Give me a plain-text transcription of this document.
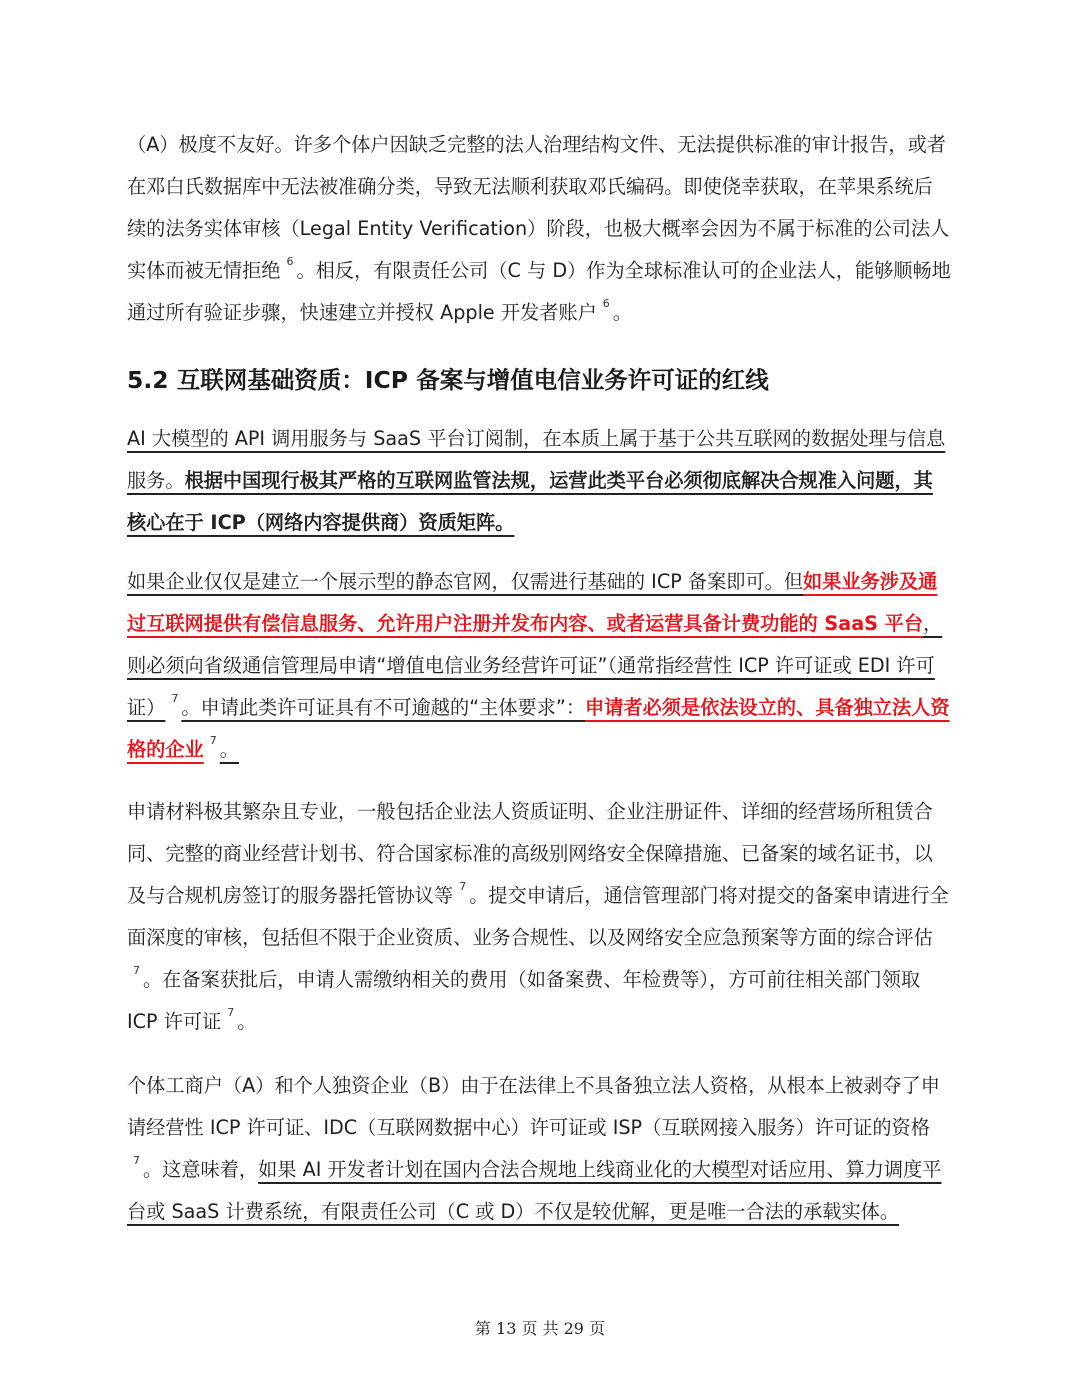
（A）极度不友好。许多个体户因缺乏完整的法人治理结构文件、无法提供标准的审计报告，或者在邓白氏数据库中无法被准确分类，导致无法顺利获取邓氏编码。即使侥幸获取，在苹果系统后续的法务实体审核（Legal Entity Verification）阶段，也极大概率会因为不属于标准的公司法人实体而被无情拒绝 $^6$ 。相反，有限责任公司（C 与 D）作为全球标准认可的企业法人，能够顺畅地通过所有验证步骤，快速建立并授权 Apple 开发者账户 $^6$ 。

5.2 互联网基础资质：ICP 备案与增值电信业务许可证的红线

AI 大模型的 API 调用服务与 SaaS 平台订阅制，在本质上属于基于公共互联网的数据处理与信息服务。根据中国现行极其严格的互联网监管法规，运营此类平台必须彻底解决合规准入问题，其核心在于 ICP（网络内容提供商）资质矩阵。

如果企业仅仅是建立一个展示型的静态官网，仅需进行基础的 ICP 备案即可。但如果业务涉及通过互联网提供有偿信息服务、允许用户注册并发布内容、或者运营具备计费功能的 SaaS 平台，则必须向省级通信管理局申请“增值电信业务经营许可证”（通常指经营性 ICP 许可证或 EDI 许可证） $^7$ 。申请此类许可证具有不可逾越的“主体要求”：申请者必须是依法设立的、具备独立法人资格的企业 $^7$ 。

申请材料极其繁杂且专业，一般包括企业法人资质证明、企业注册证件、详细的经营场所租赁合同、完整的商业经营计划书、符合国家标准的高级别网络安全保障措施、已备案的域名证书，以及与合规机房签订的服务器托管协议等 $^7$ 。提交申请后，通信管理部门将对提交的备案申请进行全面深度的审核，包括但不限于企业资质、业务合规性、以及网络安全应急预案等方面的综合评估$^7$ 。在备案获批后，申请人需缴纳相关的费用（如备案费、年检费等），方可前往相关部门领取 ICP 许可证 $^7$ 。

个体工商户（A）和个人独资企业（B）由于在法律上不具备独立法人资格，从根本上被剥夺了申请经营性 ICP 许可证、IDC（互联网数据中心）许可证或 ISP（互联网接入服务）许可证的资格$^7$ 。这意味着，如果 AI 开发者计划在国内合法合规地上线商业化的大模型对话应用、算力调度平台或 SaaS 计费系统，有限责任公司（C 或 D）不仅是较优解，更是唯一合法的承载实体。

第 13 页 共 29 页
